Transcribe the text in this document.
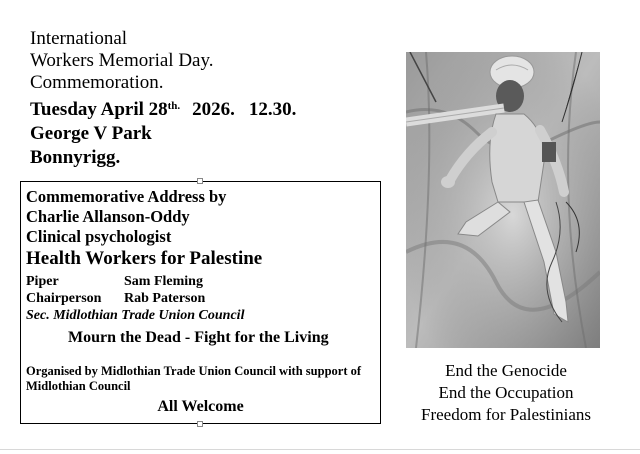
International
Workers Memorial Day.
Commemoration.
Tuesday April $28^{th.}$ 2026. 12.30.
George V Park
Bonnyrigg.
Commemorative Address by
Charlie Allanson-Oddy
Clinical psychologist
Health Workers for Palestine
Piper	Sam Fleming
Chairperson	Rab Paterson
Sec. Midlothian Trade Union Council
Mourn the Dead - Fight for the Living
Organised by Midlothian Trade Union Council with support of Midlothian Council
All Welcome
End the Genocide
End the Occupation
Freedom for Palestinians
